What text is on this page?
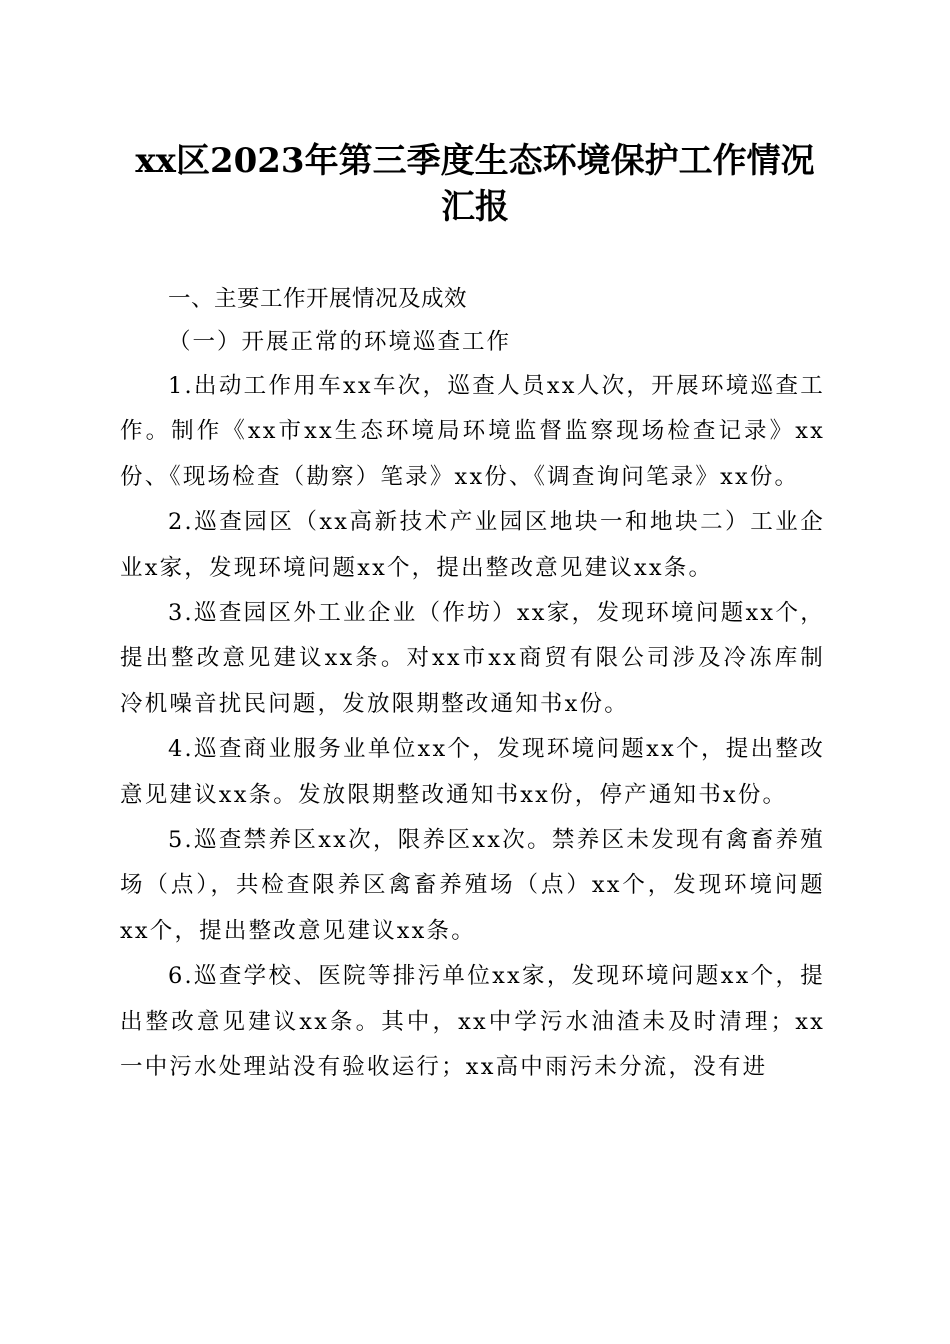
xx区2023年第三季度生态环境保护工作情况
汇报
一、主要工作开展情况及成效
（一）开展正常的环境巡查工作

1.出动工作用车xx车次，巡查人员xx人次，开展环境巡查工作。制作《xx市xx生态环境局环境监督监察现场检查记录》xx份、《现场检查（勘察）笔录》xx份、《调查询问笔录》xx份。

2.巡查园区（xx高新技术产业园区地块一和地块二）工业企业x家，发现环境问题xx个，提出整改意见建议xx条。

3.巡查园区外工业企业（作坊）xx家，发现环境问题xx个，提出整改意见建议xx条。对xx市xx商贸有限公司涉及冷冻库制冷机噪音扰民问题，发放限期整改通知书x份。

4.巡查商业服务业单位xx个，发现环境问题xx个，提出整改意见建议xx条。发放限期整改通知书xx份，停产通知书x份。

5.巡查禁养区xx次，限养区xx次。禁养区未发现有禽畜养殖场（点），共检查限养区禽畜养殖场（点）xx个，发现环境问题xx个，提出整改意见建议xx条。

6.巡查学校、医院等排污单位xx家，发现环境问题xx个，提出整改意见建议xx条。其中，xx中学污水油渣未及时清理；xx一中污水处理站没有验收运行；xx高中雨污未分流，没有进
